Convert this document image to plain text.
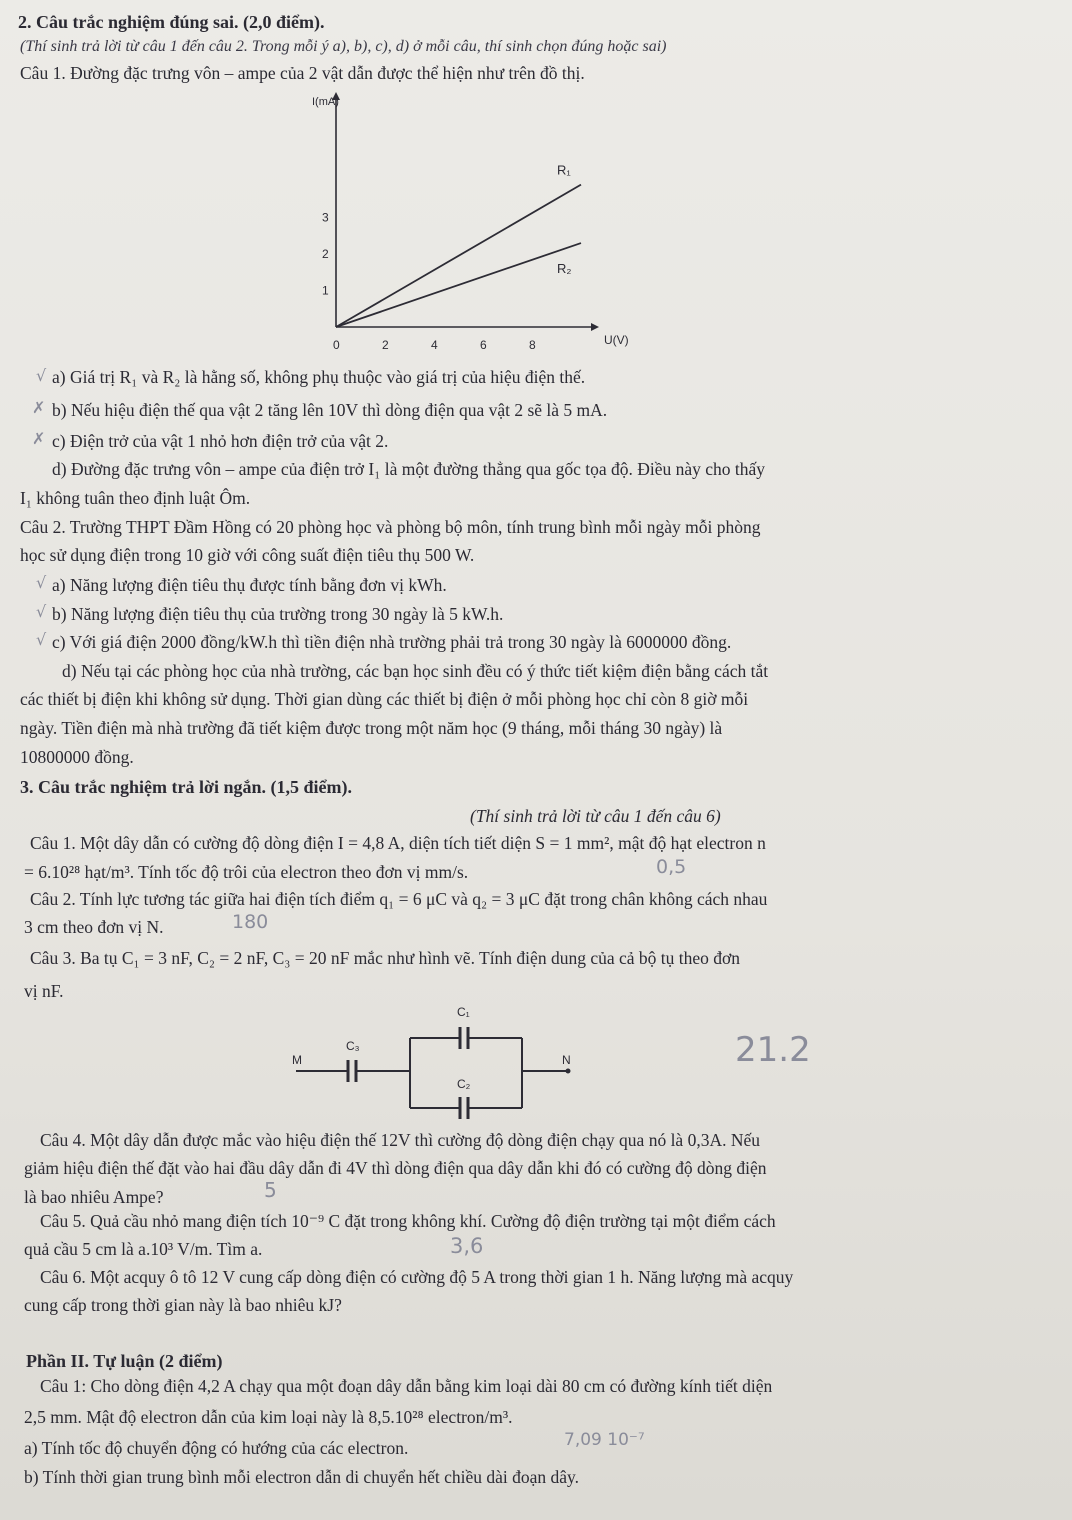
2. Câu trắc nghiệm đúng sai. (2,0 điểm).
(Thí sinh trả lời từ câu 1 đến câu 2. Trong mỗi ý a), b), c), d) ở mỗi câu, thí sinh chọn đúng hoặc sai)
Câu 1. Đường đặc trưng vôn – ampe của 2 vật dẫn được thể hiện như trên đồ thị.
I(mA)
U(V)
0	2	4	6	8
1
2
3
R₁
R₂
a) Giá trị R₁ và R₂ là hằng số, không phụ thuộc vào giá trị của hiệu điện thế.
b) Nếu hiệu điện thế qua vật 2 tăng lên 10V thì dòng điện qua vật 2 sẽ là 5 mA.
c) Điện trở của vật 1 nhỏ hơn điện trở của vật 2.
d) Đường đặc trưng vôn – ampe của điện trở I₁ là một đường thẳng qua gốc tọa độ. Điều này cho thấy
I₁ không tuân theo định luật Ôm.
Câu 2. Trường THPT Đầm Hồng có 20 phòng học và phòng bộ môn, tính trung bình mỗi ngày mỗi phòng
học sử dụng điện trong 10 giờ với công suất điện tiêu thụ 500 W.
a) Năng lượng điện tiêu thụ được tính bằng đơn vị kWh.
b) Năng lượng điện tiêu thụ của trường trong 30 ngày là 5 kW.h.
c) Với giá điện 2000 đồng/kW.h thì tiền điện nhà trường phải trả trong 30 ngày là 6000000 đồng.
d) Nếu tại các phòng học của nhà trường, các bạn học sinh đều có ý thức tiết kiệm điện bằng cách tắt
các thiết bị điện khi không sử dụng. Thời gian dùng các thiết bị điện ở mỗi phòng học chỉ còn 8 giờ mỗi
ngày. Tiền điện mà nhà trường đã tiết kiệm được trong một năm học (9 tháng, mỗi tháng 30 ngày) là
10800000 đồng.
√
✗
✗
√
√
√
3. Câu trắc nghiệm trả lời ngắn. (1,5 điểm).
(Thí sinh trả lời từ câu 1 đến câu 6)
Câu 1. Một dây dẫn có cường độ dòng điện I = 4,8 A, diện tích tiết diện S = 1 mm², mật độ hạt electron n
= 6.10²⁸ hạt/m³. Tính tốc độ trôi của electron theo đơn vị mm/s.	0,5
Câu 2. Tính lực tương tác giữa hai điện tích điểm q₁ = 6 μC và q₂ = 3 μC đặt trong chân không cách nhau
3 cm theo đơn vị N.	180
Câu 3. Ba tụ C₁ = 3 nF, C₂ = 2 nF, C₃ = 20 nF mắc như hình vẽ. Tính điện dung của cả bộ tụ theo đơn
vị nF.
M	N
C₃
C₁
C₂
21.2
Câu 4. Một dây dẫn được mắc vào hiệu điện thế 12V thì cường độ dòng điện chạy qua nó là 0,3A. Nếu
giảm hiệu điện thế đặt vào hai đầu dây dẫn đi 4V thì dòng điện qua dây dẫn khi đó có cường độ dòng điện
là bao nhiêu Ampe?	5
Câu 5. Quả cầu nhỏ mang điện tích 10⁻⁹ C đặt trong không khí. Cường độ điện trường tại một điểm cách
quả cầu 5 cm là a.10³ V/m. Tìm a.	3,6
Câu 6. Một acquy ô tô 12 V cung cấp dòng điện có cường độ 5 A trong thời gian 1 h. Năng lượng mà acquy
cung cấp trong thời gian này là bao nhiêu kJ?
Phần II. Tự luận (2 điểm)
Câu 1: Cho dòng điện 4,2 A chạy qua một đoạn dây dẫn bằng kim loại dài 80 cm có đường kính tiết diện
2,5 mm. Mật độ electron dẫn của kim loại này là 8,5.10²⁸ electron/m³.
a) Tính tốc độ chuyển động có hướng của các electron.	7,09 10⁻⁷
b) Tính thời gian trung bình mỗi electron dẫn di chuyển hết chiều dài đoạn dây.
